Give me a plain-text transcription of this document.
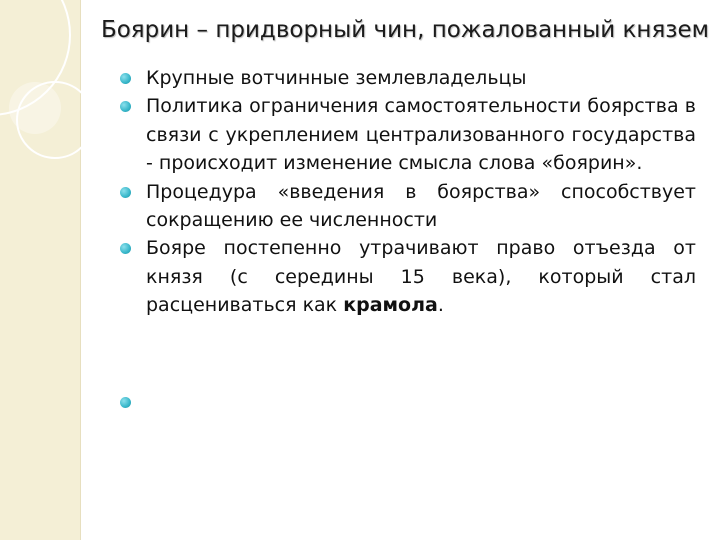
Боярин – придворный чин, пожалованный князем
Крупные вотчинные землевладельцы
Политика ограничения самостоятельности боярства в связи с укреплением централизованного государства - происходит изменение смысла слова «боярин».
Процедура «введения в боярства» способствует сокращению ее численности
Бояре постепенно утрачивают право отъезда от князя (с середины 15 века), который стал расцениваться как крамола.
